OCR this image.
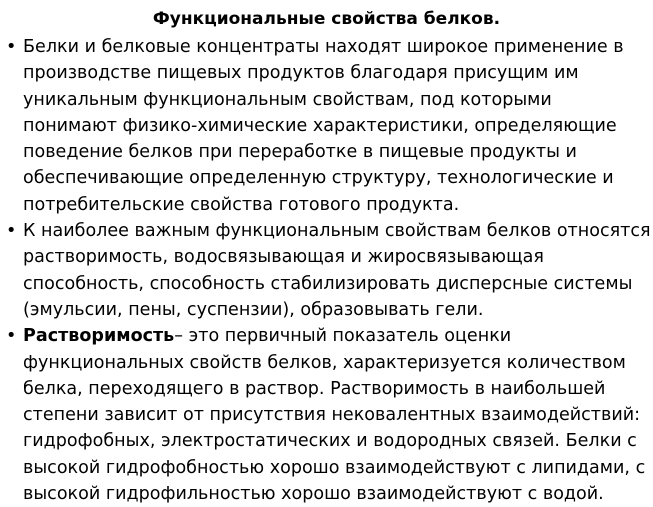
Функциональные свойства белков.
• Белки и белковые концентраты находят широкое применение в
производстве пищевых продуктов благодаря присущим им
уникальным функциональным свойствам, под которыми
понимают физико-химические характеристики, определяющие
поведение белков при переработке в пищевые продукты и
обеспечивающие определенную структуру, технологические и
потребительские свойства готового продукта.
• К наиболее важным функциональным свойствам белков относятся
растворимость, водосвязывающая и жиросвязывающая
способность, способность стабилизировать дисперсные системы
(эмульсии, пены, суспензии), образовывать гели.
• Растворимость– это первичный показатель оценки
функциональных свойств белков, характеризуется количеством
белка, переходящего в раствор. Растворимость в наибольшей
степени зависит от присутствия нековалентных взаимодействий:
гидрофобных, электростатических и водородных связей. Белки с
высокой гидрофобностью хорошо взаимодействуют с липидами, с
высокой гидрофильностью хорошо взаимодействуют с водой.
